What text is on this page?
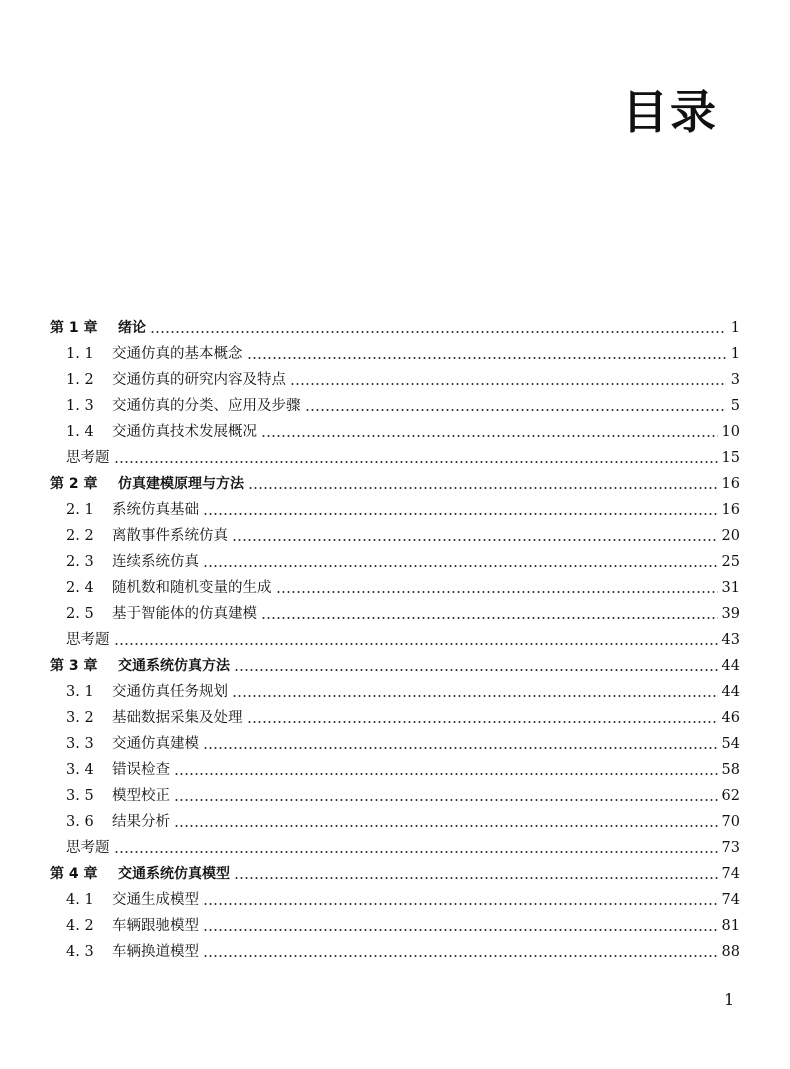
目录
第 1 章 绪论	1
1. 1 交通仿真的基本概念	1
1. 2 交通仿真的研究内容及特点	3
1. 3 交通仿真的分类、应用及步骤	5
1. 4 交通仿真技术发展概况	10
思考题	15
第 2 章 仿真建模原理与方法	16
2. 1 系统仿真基础	16
2. 2 离散事件系统仿真	20
2. 3 连续系统仿真	25
2. 4 随机数和随机变量的生成	31
2. 5 基于智能体的仿真建模	39
思考题	43
第 3 章 交通系统仿真方法	44
3. 1 交通仿真任务规划	44
3. 2 基础数据采集及处理	46
3. 3 交通仿真建模	54
3. 4 错误检查	58
3. 5 模型校正	62
3. 6 结果分析	70
思考题	73
第 4 章 交通系统仿真模型	74
4. 1 交通生成模型	74
4. 2 车辆跟驰模型	81
4. 3 车辆换道模型	88
1
